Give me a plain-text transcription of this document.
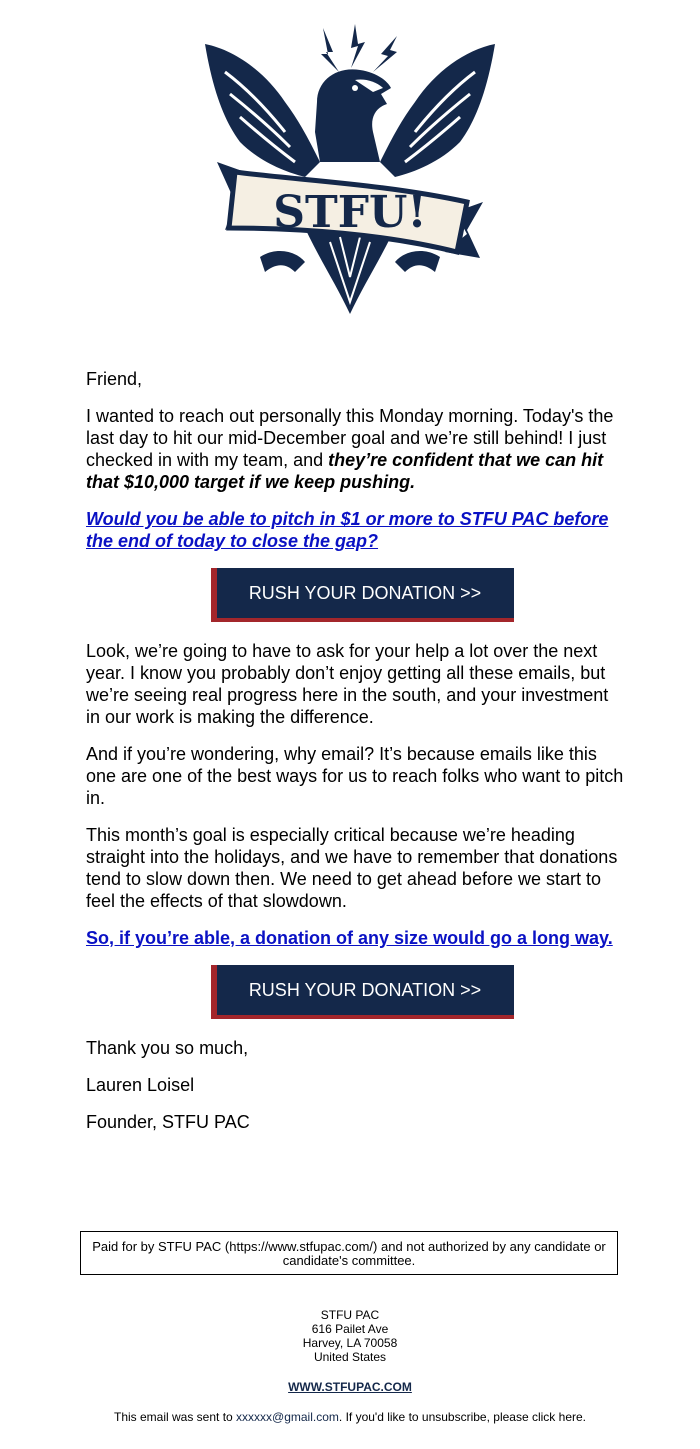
STFU!

Friend,

I wanted to reach out personally this Monday morning. Today's the last day to hit our mid-December goal and we’re still behind! I just checked in with my team, and they’re confident that we can hit that $10,000 target if we keep pushing.

Would you be able to pitch in $1 or more to STFU PAC before the end of today to close the gap?

RUSH YOUR DONATION >>

Look, we’re going to have to ask for your help a lot over the next year. I know you probably don’t enjoy getting all these emails, but we’re seeing real progress here in the south, and your investment in our work is making the difference.

And if you’re wondering, why email? It’s because emails like this one are one of the best ways for us to reach folks who want to pitch in.

This month’s goal is especially critical because we’re heading straight into the holidays, and we have to remember that donations tend to slow down then. We need to get ahead before we start to feel the effects of that slowdown.

So, if you’re able, a donation of any size would go a long way.

RUSH YOUR DONATION >>

Thank you so much,

Lauren Loisel

Founder, STFU PAC

Paid for by STFU PAC (https://www.stfupac.com/) and not authorized by any candidate or candidate's committee.
STFU PAC
616 Pailet Ave
Harvey, LA 70058
United States
WWW.STFUPAC.COM
This email was sent to xxxxxx@gmail.com. If you'd like to unsubscribe, please click here.
